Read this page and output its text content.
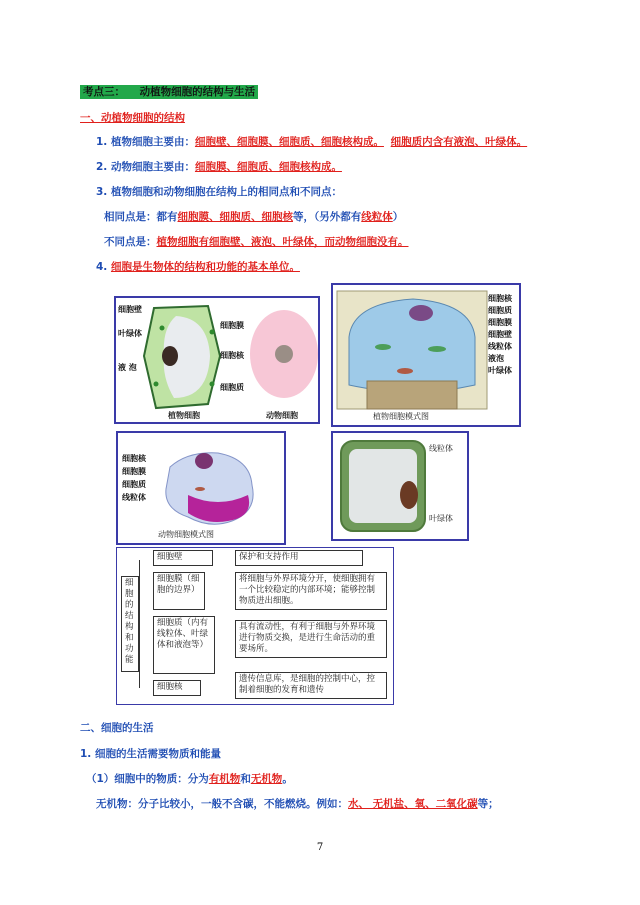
考点三： 动植物细胞的结构与生活
一、动植物细胞的结构
1. 植物细胞主要由：细胞壁、细胞膜、细胞质、细胞核构成。 细胞质内含有液泡、叶绿体。
2. 动物细胞主要由：细胞膜、细胞质、细胞核构成。
3. 植物细胞和动物细胞在结构上的相同点和不同点：
相同点是：都有细胞膜、细胞质、细胞核等，（另外都有线粒体）
不同点是：植物细胞有细胞壁、液泡、叶绿体，而动物细胞没有。
4. 细胞是生物体的结构和功能的基本单位。
细胞壁
叶绿体
液 泡
细胞膜
细胞核
细胞质
植物细胞	动物细胞
细胞核
细胞质
细胞膜
细胞壁
线粒体
液泡
叶绿体
植物细胞模式图
细胞核
细胞膜
细胞质
线粒体
动物细胞模式图
线粒体
叶绿体
细胞的结构和功能
细胞壁	保护和支持作用
细胞膜（细胞的边界）
将细胞与外界环境分开，使细胞拥有一个比较稳定的内部环境；能够控制物质进出细胞。
细胞质（内有线粒体、叶绿体和液泡等）
具有流动性，有利于细胞与外界环境进行物质交换，是进行生命活动的重要场所。
细胞核
遗传信息库，是细胞的控制中心，控制着细胞的发育和遗传
二、细胞的生活
1. 细胞的生活需要物质和能量
（1）细胞中的物质：分为有机物和无机物。
无机物：分子比较小，一般不含碳，不能燃烧。例如：水、 无机盐、氧、二氧化碳等；
7
